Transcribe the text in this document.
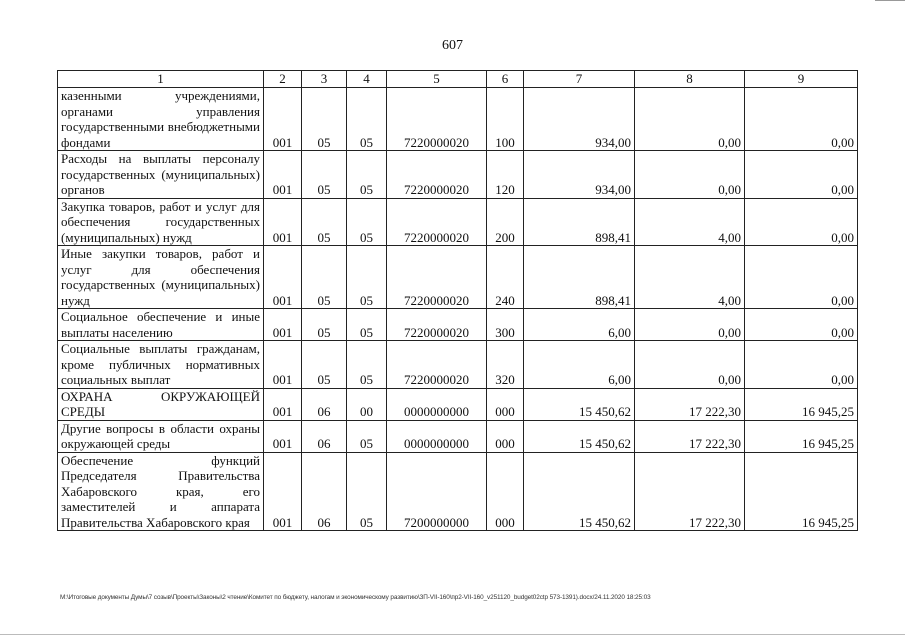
607
1	2	3	4	5	6	7	8	9
казенными учреждениями, органами управления государственными внебюджетными фондами	001	05	05	7220000020	100	934,00	0,00	0,00
Расходы на выплаты персоналу государственных (муниципальных) органов	001	05	05	7220000020	120	934,00	0,00	0,00
Закупка товаров, работ и услуг для обеспечения государственных (муниципальных) нужд	001	05	05	7220000020	200	898,41	4,00	0,00
Иные закупки товаров, работ и услуг для обеспечения государственных (муниципальных) нужд	001	05	05	7220000020	240	898,41	4,00	0,00
Социальное обеспечение и иные выплаты населению	001	05	05	7220000020	300	6,00	0,00	0,00
Социальные выплаты гражданам, кроме публичных нормативных социальных выплат	001	05	05	7220000020	320	6,00	0,00	0,00
ОХРАНА ОКРУЖАЮЩЕЙ СРЕДЫ	001	06	00	0000000000	000	15 450,62	17 222,30	16 945,25
Другие вопросы в области охраны окружающей среды	001	06	05	0000000000	000	15 450,62	17 222,30	16 945,25
Обеспечение функций Председателя Правительства Хабаровского края, его заместителей и аппарата Правительства Хабаровского края	001	06	05	7200000000	000	15 450,62	17 222,30	16 945,25
M:\Итоговые документы Думы\7 созыв\Проекты\Законы\2 чтение\Комитет по бюджету, налогам и экономическому развитию\ЗП-VII-160\пр2-VII-160_v251120_budget02ctp 573-1391).docx/24.11.2020 18:25:03
